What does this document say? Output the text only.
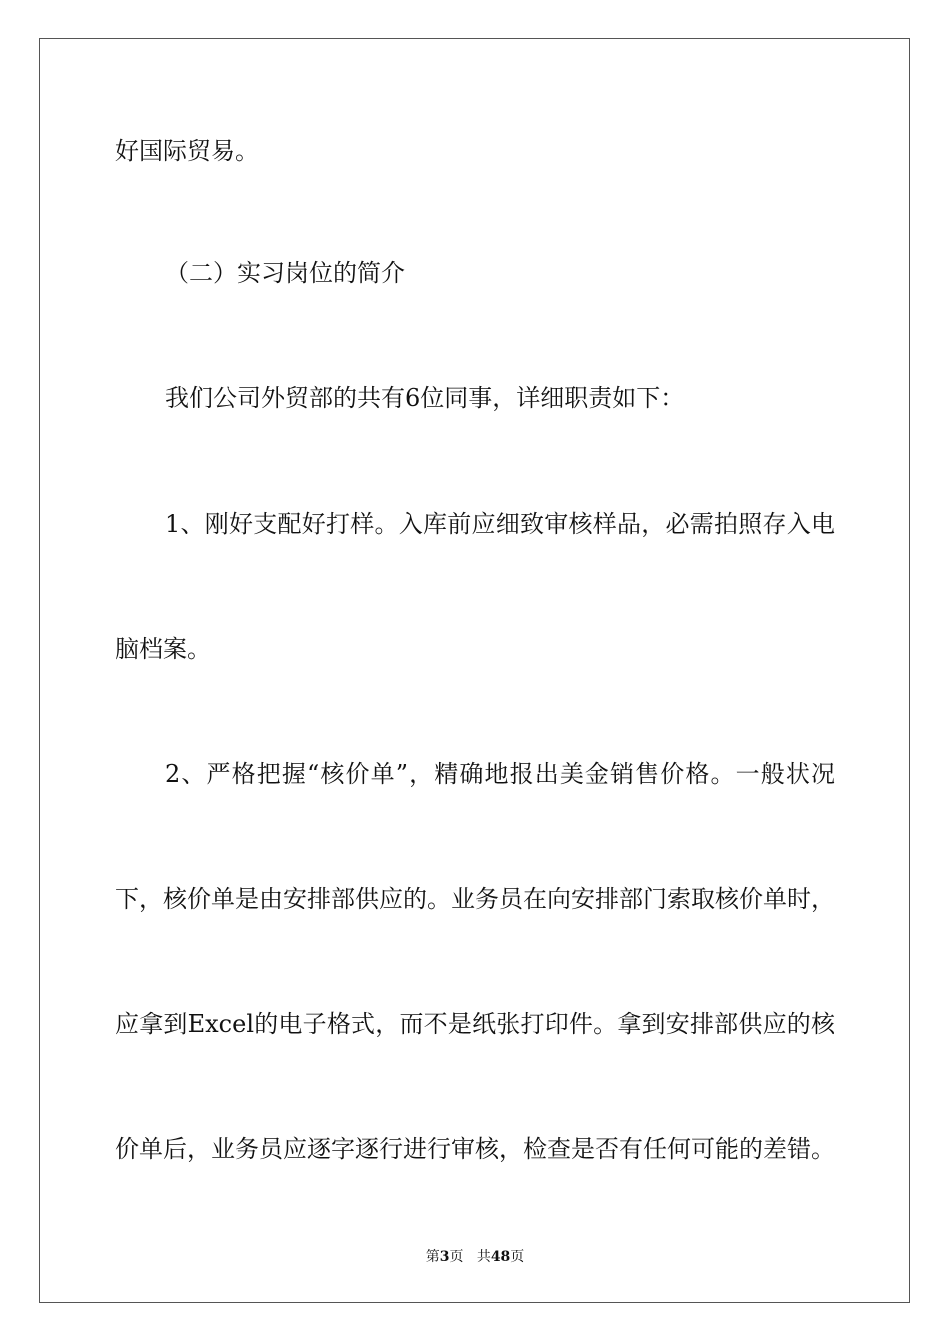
好国际贸易。
（二）实习岗位的简介
我们公司外贸部的共有6位同事，详细职责如下：
1、刚好支配好打样。入库前应细致审核样品，必需拍照存入电
脑档案。
2、严格把握“核价单”，精确地报出美金销售价格。一般状况
下，核价单是由安排部供应的。业务员在向安排部门索取核价单时，
应拿到Excel的电子格式，而不是纸张打印件。拿到安排部供应的核
价单后，业务员应逐字逐行进行审核，检查是否有任何可能的差错。
第3页 共48页
